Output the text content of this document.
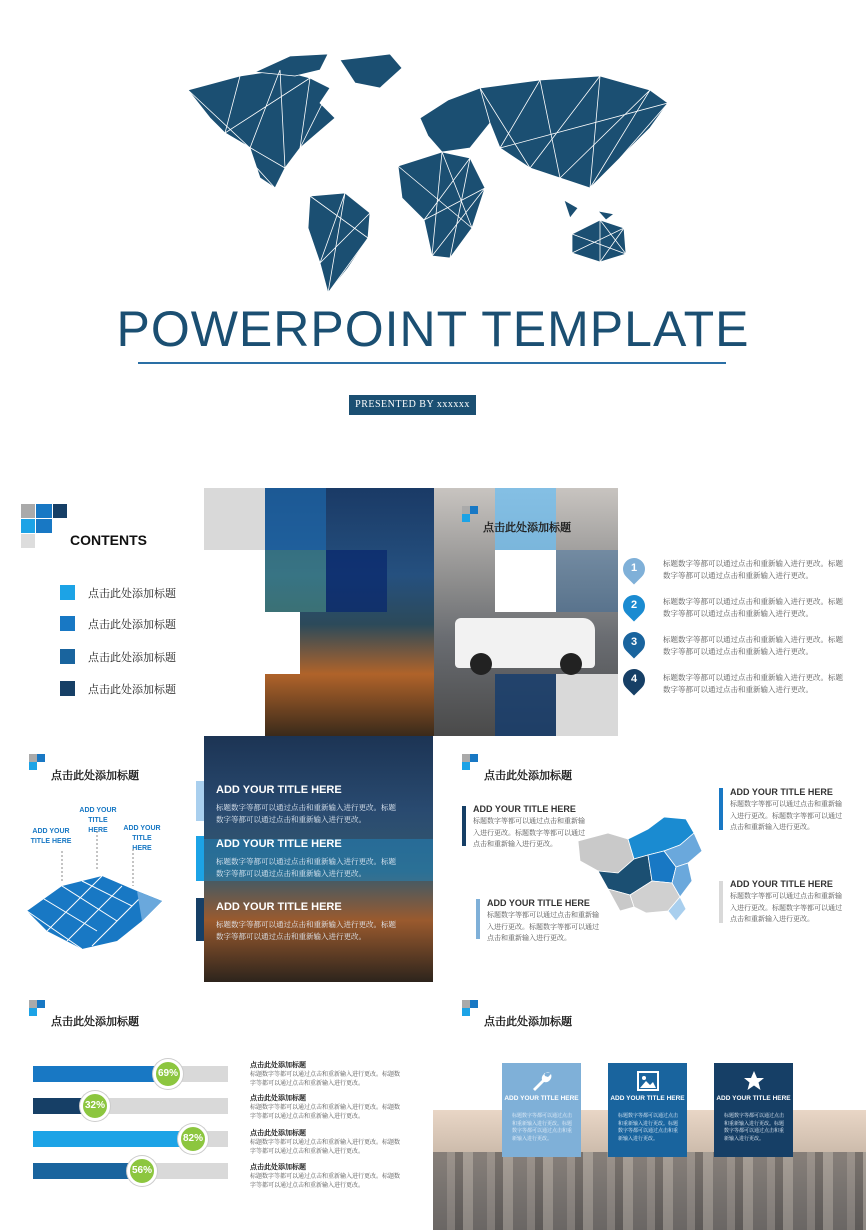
POWERPOINT TEMPLATE
PRESENTED BY xxxxxx
CONTENTS
点击此处添加标题
点击此处添加标题
点击此处添加标题
点击此处添加标题
点击此处添加标题
1	标题数字等都可以通过点击和重新输入进行更改。标题数字等都可以通过点击和重新输入进行更改。
2	标题数字等都可以通过点击和重新输入进行更改。标题数字等都可以通过点击和重新输入进行更改。
3	标题数字等都可以通过点击和重新输入进行更改。标题数字等都可以通过点击和重新输入进行更改。
4	标题数字等都可以通过点击和重新输入进行更改。标题数字等都可以通过点击和重新输入进行更改。
点击此处添加标题
ADD YOUR TITLE HERE
ADD YOUR TITLE HERE
ADD YOUR TITLE HERE
ADD YOUR TITLE HERE
标题数字等都可以通过点击和重新输入进行更改。标题数字等都可以通过点击和重新输入进行更改。
ADD YOUR TITLE HERE
标题数字等都可以通过点击和重新输入进行更改。标题数字等都可以通过点击和重新输入进行更改。
ADD YOUR TITLE HERE
标题数字等都可以通过点击和重新输入进行更改。标题数字等都可以通过点击和重新输入进行更改。
点击此处添加标题
ADD YOUR TITLE HERE
标题数字等都可以通过点击和重新输入进行更改。标题数字等都可以通过点击和重新输入进行更改。
ADD YOUR TITLE HERE
标题数字等都可以通过点击和重新输入进行更改。标题数字等都可以通过点击和重新输入进行更改。
ADD YOUR TITLE HERE
标题数字等都可以通过点击和重新输入进行更改。标题数字等都可以通过点击和重新输入进行更改。
ADD YOUR TITLE HERE
标题数字等都可以通过点击和重新输入进行更改。标题数字等都可以通过点击和重新输入进行更改。
点击此处添加标题
69%
32%
82%
56%
点击此处添加标题
标题数字等都可以通过点击和重新输入进行更改。标题数字等都可以通过点击和重新输入进行更改。
点击此处添加标题
标题数字等都可以通过点击和重新输入进行更改。标题数字等都可以通过点击和重新输入进行更改。
点击此处添加标题
标题数字等都可以通过点击和重新输入进行更改。标题数字等都可以通过点击和重新输入进行更改。
点击此处添加标题
标题数字等都可以通过点击和重新输入进行更改。标题数字等都可以通过点击和重新输入进行更改。
点击此处添加标题
ADD YOUR TITLE HERE
标题数字等都可以通过点击和重新输入进行更改。标题数字等都可以通过点击和重新输入进行更改。
ADD YOUR TITLE HERE
标题数字等都可以通过点击和重新输入进行更改。标题数字等都可以通过点击和重新输入进行更改。
ADD YOUR TITLE HERE
标题数字等都可以通过点击和重新输入进行更改。标题数字等都可以通过点击和重新输入进行更改。
